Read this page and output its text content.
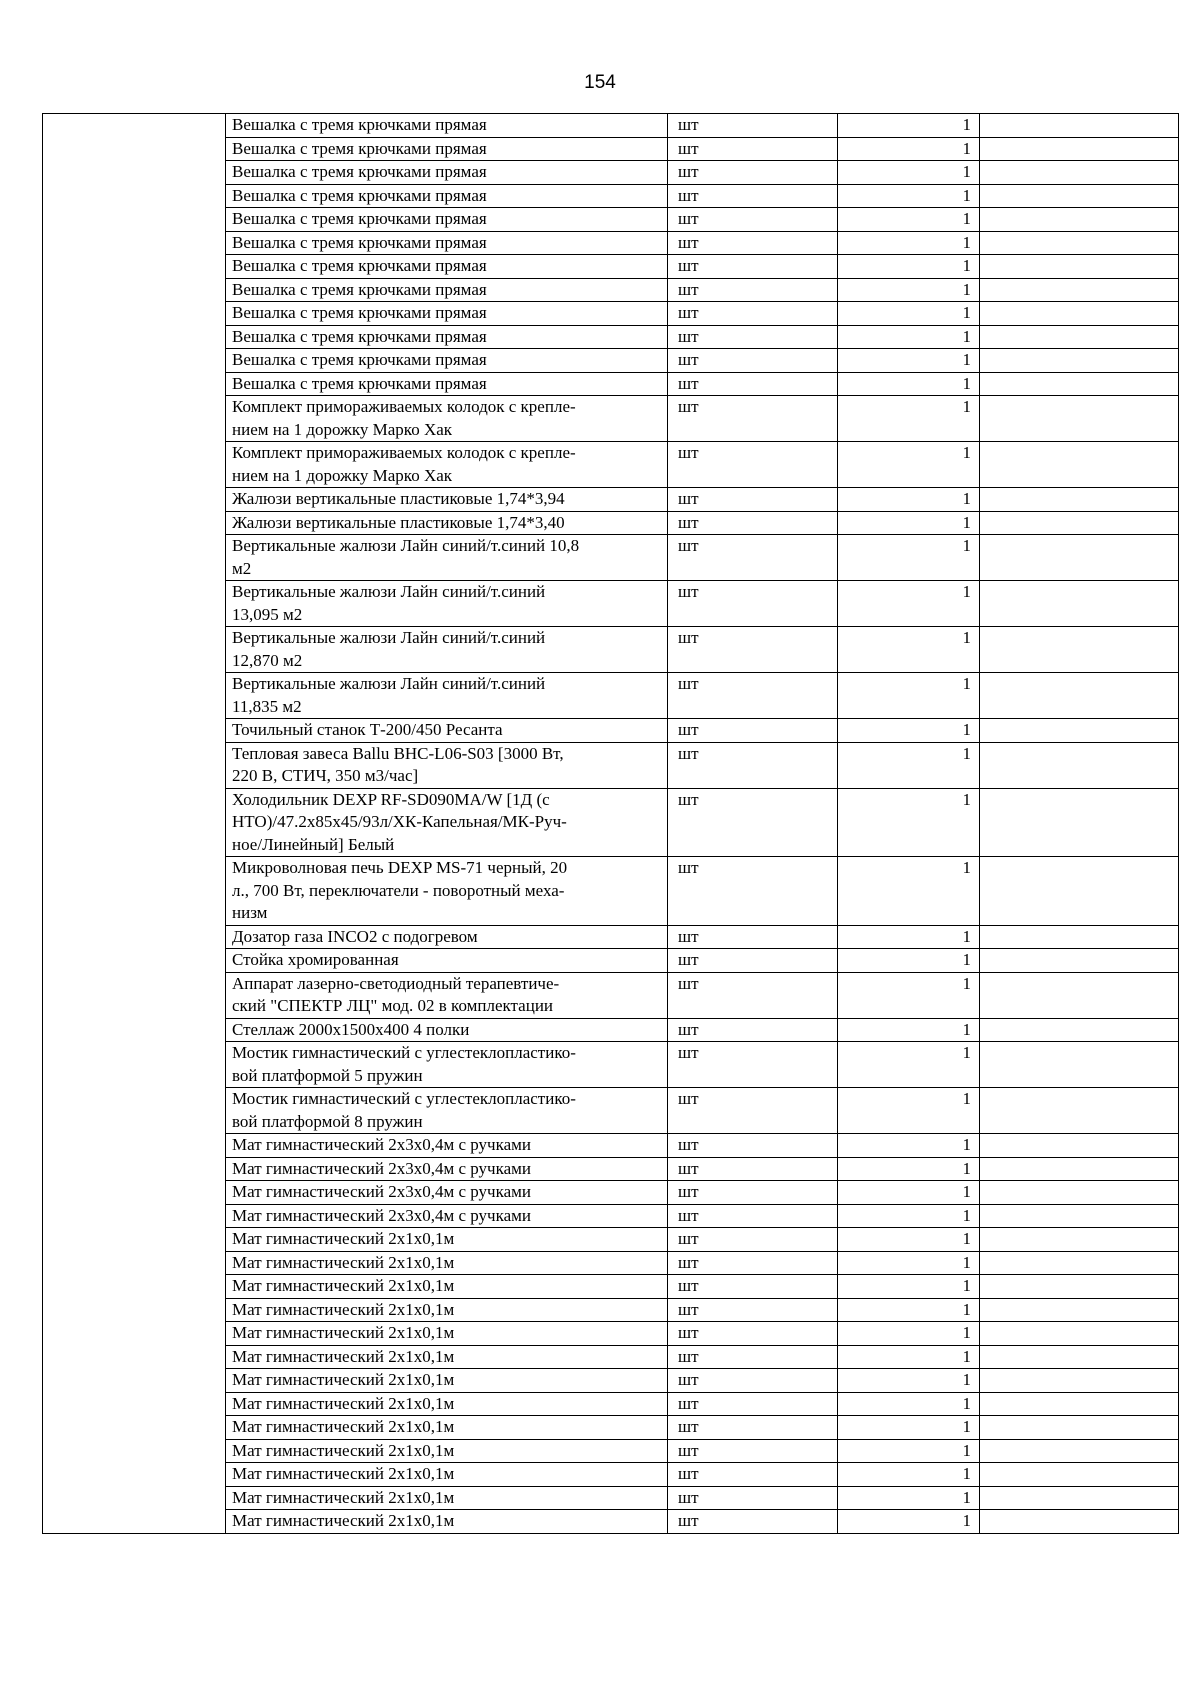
154
	Вешалка с тремя крючками прямая	шт	1	
	Вешалка с тремя крючками прямая	шт	1	
	Вешалка с тремя крючками прямая	шт	1	
	Вешалка с тремя крючками прямая	шт	1	
	Вешалка с тремя крючками прямая	шт	1	
	Вешалка с тремя крючками прямая	шт	1	
	Вешалка с тремя крючками прямая	шт	1	
	Вешалка с тремя крючками прямая	шт	1	
	Вешалка с тремя крючками прямая	шт	1	
	Вешалка с тремя крючками прямая	шт	1	
	Вешалка с тремя крючками прямая	шт	1	
	Вешалка с тремя крючками прямая	шт	1	
	Комплект примораживаемых колодок с крепле-
нием на 1 дорожку Марко Хак	шт	1	
	Комплект примораживаемых колодок с крепле-
нием на 1 дорожку Марко Хак	шт	1	
	Жалюзи вертикальные пластиковые 1,74*3,94	шт	1	
	Жалюзи вертикальные пластиковые 1,74*3,40	шт	1	
	Вертикальные жалюзи Лайн синий/т.синий 10,8
м2	шт	1	
	Вертикальные жалюзи Лайн синий/т.синий
13,095 м2	шт	1	
	Вертикальные жалюзи Лайн синий/т.синий
12,870 м2	шт	1	
	Вертикальные жалюзи Лайн синий/т.синий
11,835 м2	шт	1	
	Точильный станок Т-200/450 Ресанта	шт	1	
	Тепловая завеса Ballu BHC-L06-S03 [3000 Вт,
220 В, СТИЧ, 350 м3/час]	шт	1	
	Холодильник DEXP RF-SD090MA/W [1Д (с
НТО)/47.2x85x45/93л/ХК-Капельная/МК-Руч-
ное/Линейный] Белый	шт	1	
	Микроволновая печь DEXP MS-71 черный, 20
л., 700 Вт, переключатели - поворотный меха-
низм	шт	1	
	Дозатор газа INCO2 с подогревом	шт	1	
	Стойка хромированная	шт	1	
	Аппарат лазерно-светодиодный терапевтиче-
ский "СПЕКТР ЛЦ" мод. 02 в комплектации	шт	1	
	Стеллаж 2000х1500х400 4 полки	шт	1	
	Мостик гимнастический с углестеклопластико-
вой платформой 5 пружин	шт	1	
	Мостик гимнастический с углестеклопластико-
вой платформой 8 пружин	шт	1	
	Мат гимнастический 2х3х0,4м с ручками	шт	1	
	Мат гимнастический 2х3х0,4м с ручками	шт	1	
	Мат гимнастический 2х3х0,4м с ручками	шт	1	
	Мат гимнастический 2х3х0,4м с ручками	шт	1	
	Мат гимнастический 2х1х0,1м	шт	1	
	Мат гимнастический 2х1х0,1м	шт	1	
	Мат гимнастический 2х1х0,1м	шт	1	
	Мат гимнастический 2х1х0,1м	шт	1	
	Мат гимнастический 2х1х0,1м	шт	1	
	Мат гимнастический 2х1х0,1м	шт	1	
	Мат гимнастический 2х1х0,1м	шт	1	
	Мат гимнастический 2х1х0,1м	шт	1	
	Мат гимнастический 2х1х0,1м	шт	1	
	Мат гимнастический 2х1х0,1м	шт	1	
	Мат гимнастический 2х1х0,1м	шт	1	
	Мат гимнастический 2х1х0,1м	шт	1	
	Мат гимнастический 2х1х0,1м	шт	1	
